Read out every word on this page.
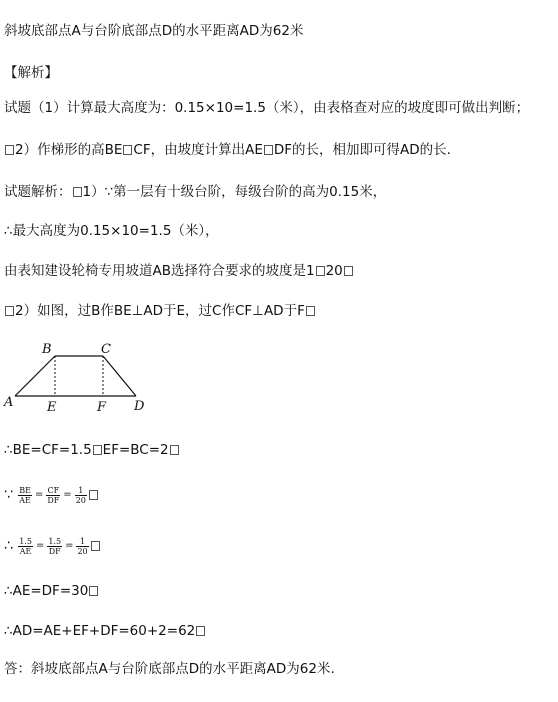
斜坡底部点A与台阶底部点D的水平距离AD为62米
【解析】
试题（1）计算最大高度为：0.15×10=1.5（米），由表格查对应的坡度即可做出判断；
2）作梯形的高BE CF，由坡度计算出AE DF的长，相加即可得AD的长.
试题解析： 1）∵第一层有十级台阶，每级台阶的高为0.15米，
∴最大高度为0.15×10=1.5（米），
由表知建设轮椅专用坡道AB选择符合要求的坡度是1 20
2）如图，过B作BE⊥AD于E，过C作CF⊥AD于F
A
B	C
D
E	F
∴BE=CF=1.5 EF=BC=2
∵ $\frac{BE}{AE} = \frac{CF}{DF} = \frac{1}{20}$
∴ $\frac{1.5}{AE} = \frac{1.5}{DF} = \frac{1}{20}$
∴AE=DF=30
∴AD=AE+EF+DF=60+2=62
答：斜坡底部点A与台阶底部点D的水平距离AD为62米.
